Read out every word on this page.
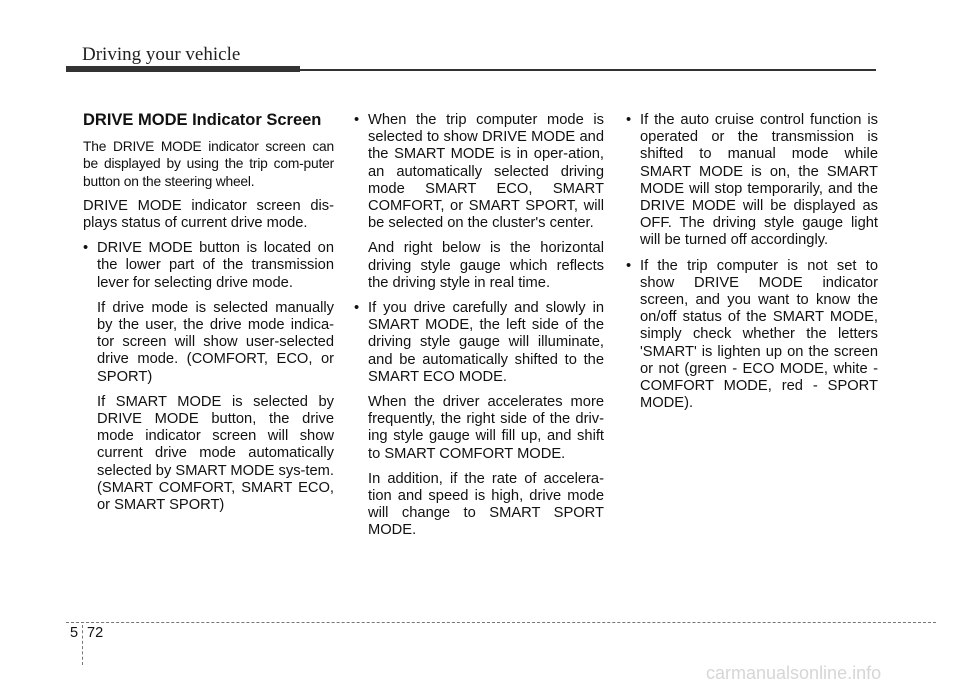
Driving your vehicle
DRIVE MODE Indicator Screen

The DRIVE MODE indicator screen can be displayed by using the trip com-puter button on the steering wheel.

DRIVE MODE indicator screen dis-plays status of current drive mode.

• DRIVE MODE button is located on the lower part of the transmission lever for selecting drive mode.
If drive mode is selected manually by the user, the drive mode indica-tor screen will show user-selected drive mode. (COMFORT, ECO, or SPORT)
If SMART MODE is selected by DRIVE MODE button, the drive mode indicator screen will show current drive mode automatically selected by SMART MODE sys-tem. (SMART COMFORT, SMART ECO, or SMART SPORT)
• When the trip computer mode is selected to show DRIVE MODE and the SMART MODE is in oper-ation, an automatically selected driving mode SMART ECO, SMART COMFORT, or SMART SPORT, will be selected on the cluster's center.
And right below is the horizontal driving style gauge which reflects the driving style in real time.
• If you drive carefully and slowly in SMART MODE, the left side of the driving style gauge will illuminate, and be automatically shifted to the SMART ECO MODE.
When the driver accelerates more frequently, the right side of the driv-ing style gauge will fill up, and shift to SMART COMFORT MODE.
In addition, if the rate of accelera-tion and speed is high, drive mode will change to SMART SPORT MODE.
• If the auto cruise control function is operated or the transmission is shifted to manual mode while SMART MODE is on, the SMART MODE will stop temporarily, and the DRIVE MODE will be displayed as OFF. The driving style gauge light will be turned off accordingly.
• If the trip computer is not set to show DRIVE MODE indicator screen, and you want to know the on/off status of the SMART MODE, simply check whether the letters 'SMART' is lighten up on the screen or not (green - ECO MODE, white - COMFORT MODE, red - SPORT MODE).
5 72
carmanualsonline.info
